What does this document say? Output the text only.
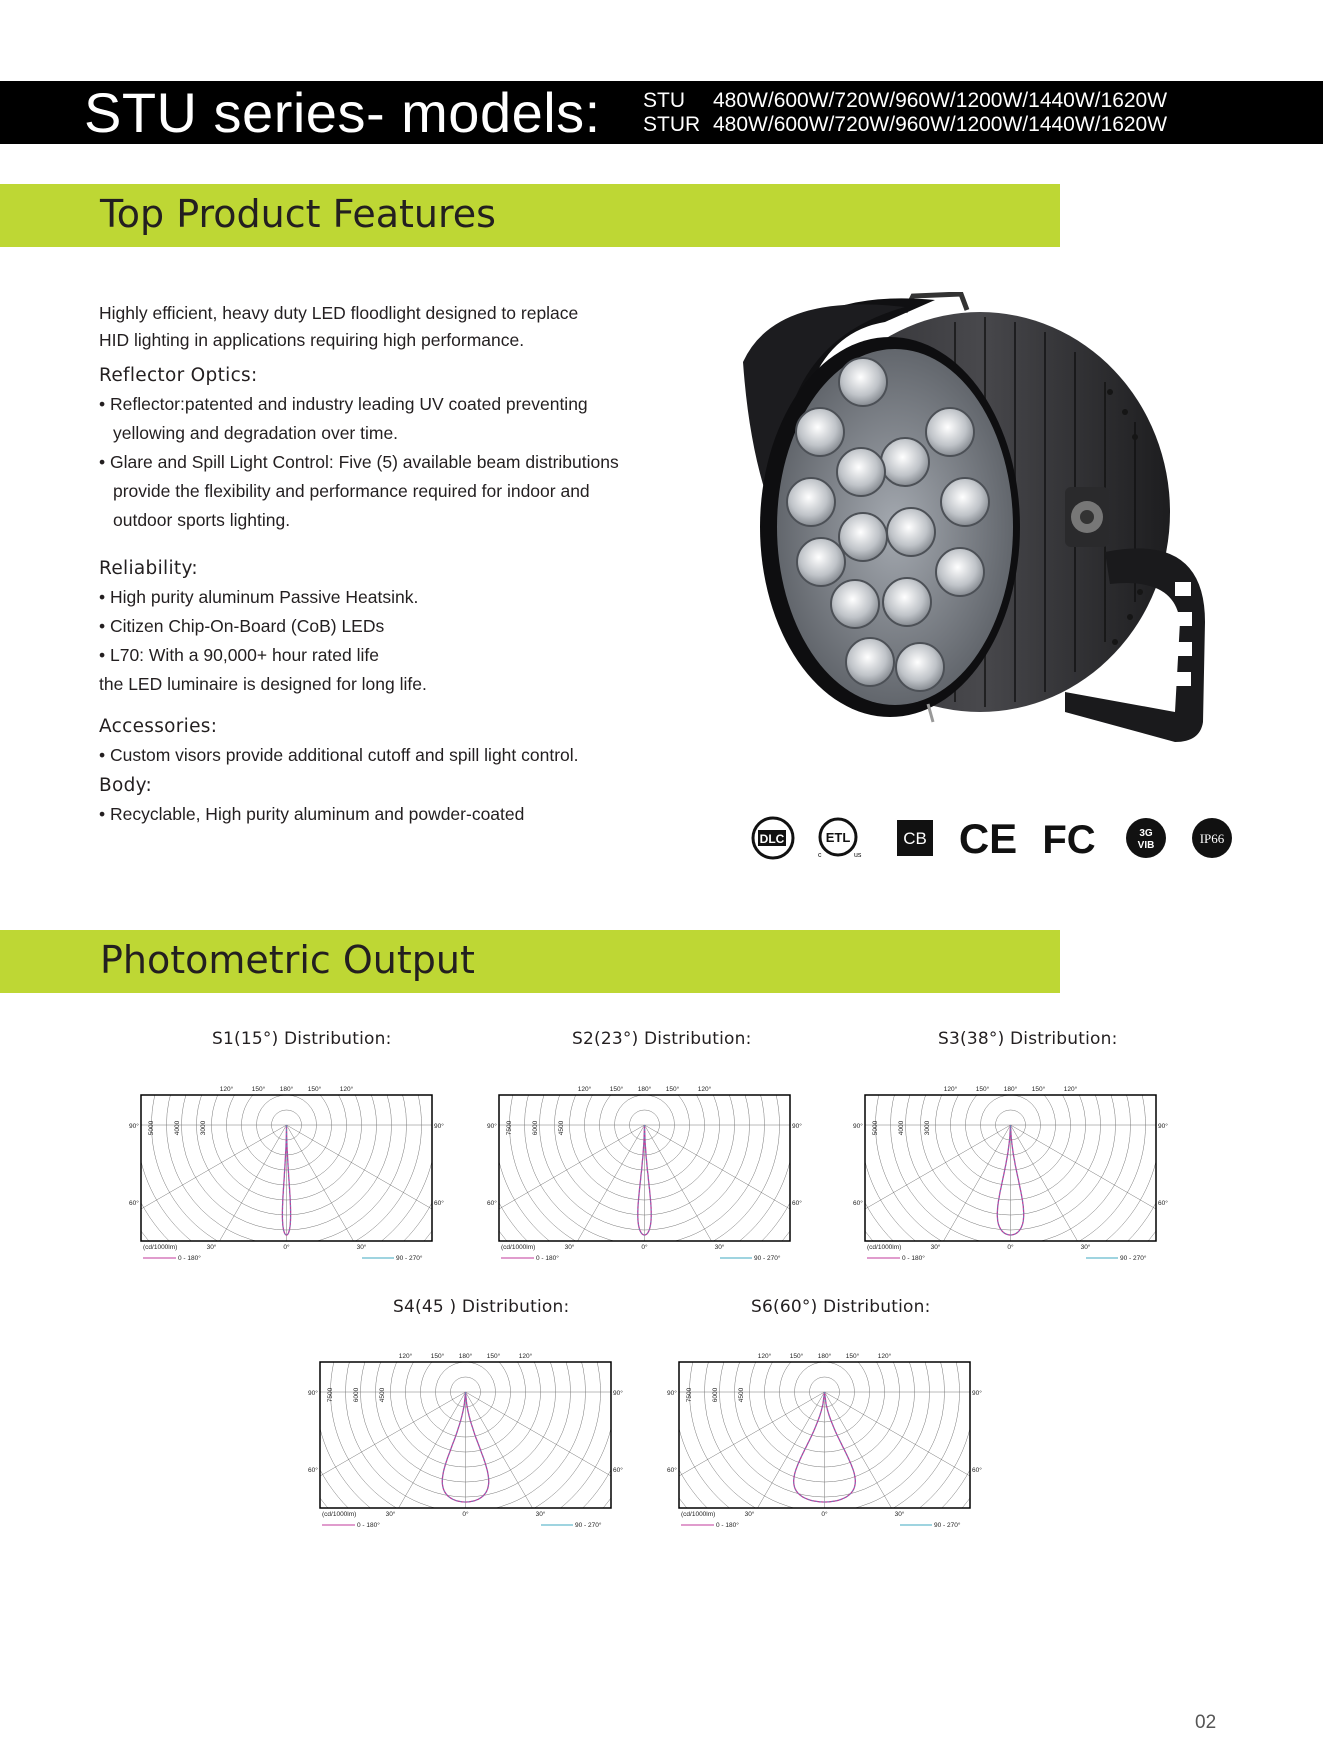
STU series- models: STU	480W/600W/720W/960W/1200W/1440W/1620W
STUR 480W/600W/720W/960W/1200W/1440W/1620W
Top Product Features
Highly efficient, heavy duty LED floodlight designed to replace
HID lighting in applications requiring high performance.
Reflector Optics:
• Reflector:patented and industry leading UV coated preventing
yellowing and degradation over time.
• Glare and Spill Light Control: Five (5) available beam distributions
provide the flexibility and performance required for indoor and
outdoor sports lighting.
Reliability:
• High purity aluminum Passive Heatsink.
• Citizen Chip-On-Board (CoB) LEDs
• L70: With a 90,000+ hour rated life
the LED luminaire is designed for long life.
Accessories:
• Custom visors provide additional cutoff and spill light control.
Body:
• Recyclable, High purity aluminum and powder-coated
DLC	ETL
c	us
CB CE FC	3G
VIB	IP66
Photometric Output
S1(15°) Distribution:	S2(23°) Distribution:	S3(38°) Distribution:
S4(45 ) Distribution:	S6(60°) Distribution:
120°	150° 180° 150°	120°
90°	90°
60°	60°
30°	0°	30°
5000	4000	3000
(cd/1000lm)
0 - 180°	90 - 270°
120°	150° 180° 150°	120°
90°	90°
60°	60°
30°	0°	30°
7500	6000	4500
(cd/1000lm)
0 - 180°	90 - 270°
120°	150° 180° 150°	120°
90°	90°
60°	60°
30°	0°	30°
5000	4000	3000
(cd/1000lm)
0 - 180°	90 - 270°
120°	150° 180° 150°	120°
90°	90°
60°	60°
30°	0°	30°
7500	6000	4500
(cd/1000lm)
0 - 180°	90 - 270°
120°	150° 180° 150°	120°
90°	90°
60°	60°
30°	0°	30°
7500	6000	4500
(cd/1000lm)
0 - 180°	90 - 270°
02
